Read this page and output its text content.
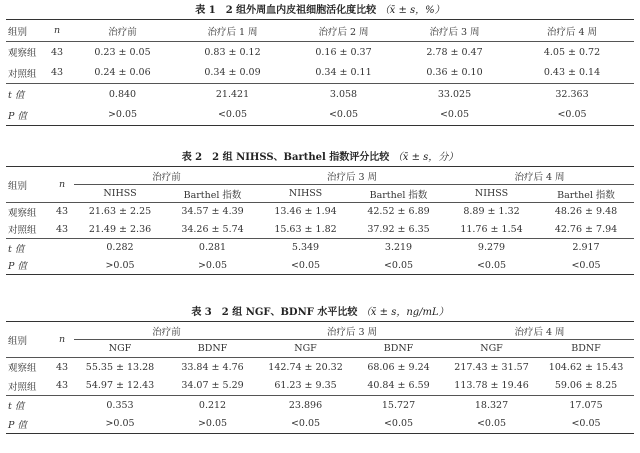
表 1　2 组外周血内皮祖细胞活化度比较 （x̄ ± s，%）
组别	n	治疗前	治疗后 1 周	治疗后 2 周	治疗后 3 周	治疗后 4 周
观察组	43	0.23 ± 0.05	0.83 ± 0.12	0.16 ± 0.37	2.78 ± 0.47	4.05 ± 0.72
对照组	43	0.24 ± 0.06	0.34 ± 0.09	0.34 ± 0.11	0.36 ± 0.10	0.43 ± 0.14
t 值		0.840	21.421	3.058	33.025	32.363
P 值		>0.05	<0.05	<0.05	<0.05	<0.05
表 2　2 组 NIHSS、Barthel 指数评分比较 （x̄ ± s，分）
组别	n	治疗前		治疗后 3 周		治疗后 4 周	
		NIHSS	Barthel 指数	NIHSS	Barthel 指数	NIHSS	Barthel 指数
观察组	43	21.63 ± 2.25	34.57 ± 4.39	13.46 ± 1.94	42.52 ± 6.89	8.89 ± 1.32	48.26 ± 9.48
对照组	43	21.49 ± 2.36	34.26 ± 5.74	15.63 ± 1.82	37.92 ± 6.35	11.76 ± 1.54	42.76 ± 7.94
t 值		0.282	0.281	5.349	3.219	9.279	2.917
P 值		>0.05	>0.05	<0.05	<0.05	<0.05	<0.05
表 3　2 组 NGF、BDNF 水平比较 （x̄ ± s，ng/mL）
组别	n	治疗前		治疗后 3 周		治疗后 4 周	
		NGF	BDNF	NGF	BDNF	NGF	BDNF
观察组	43	55.35 ± 13.28	33.84 ± 4.76	142.74 ± 20.32	68.06 ± 9.24	217.43 ± 31.57	104.62 ± 15.43
对照组	43	54.97 ± 12.43	34.07 ± 5.29	61.23 ± 9.35	40.84 ± 6.59	113.78 ± 19.46	59.06 ± 8.25
t 值		0.353	0.212	23.896	15.727	18.327	17.075
P 值		>0.05	>0.05	<0.05	<0.05	<0.05	<0.05
